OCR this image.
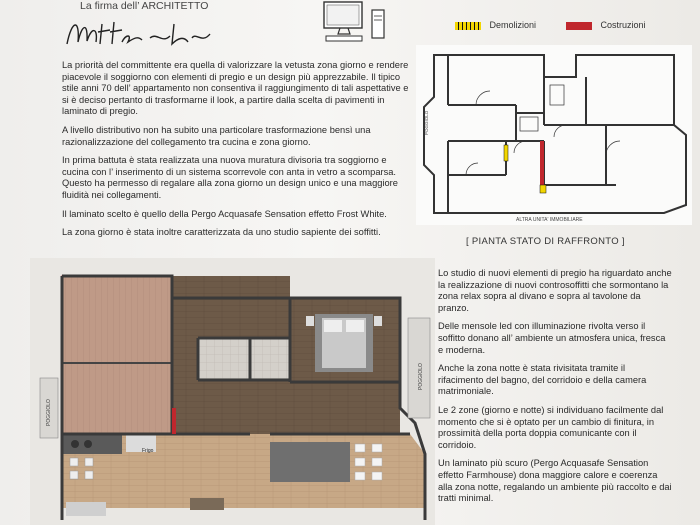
La firma dell’ ARCHITETTO
Demolizioni	Costruzioni

La priorità del committente era quella di valorizzare la vetusta zona giorno e rendere piacevole il soggiorno con elementi di pregio e un design più apprezzabile. Il tipico stile anni 70 dell’ appartamento non consentiva il raggiungimento di tali aspettative e si è deciso pertanto di trasformarne il look, a partire dalla scelta di pavimenti in laminato di pregio.

A livello distributivo non ha subito una particolare trasformazione bensì una razionalizzazione del collegamento tra cucina e zona giorno.

In prima battuta è stata realizzata una nuova muratura divisoria tra soggiorno e cucina con l’ inserimento di un sistema scorrevole con anta in vetro a scomparsa. Questo ha permesso di regalare alla zona giorno un design unico e una maggiore fluidità nei collegamenti.

Il laminato scelto è quello della Pergo Acquasafe Sensation effetto Frost White.

La zona giorno è stata inoltre caratterizzata da uno studio sapiente dei soffitti.

POGGIOLO
ALTRA UNITA' IMMOBILIARE
[ PIANTA STATO DI RAFFRONTO ]
Frigo
POGGIOLO
POGGIOLO

Lo studio di nuovi elementi di pregio ha riguardato anche la realizzazione di nuovi controsoffitti che sormontano la zona relax sopra al divano e sopra al tavolone da pranzo.

Delle mensole led con illuminazione rivolta verso il soffitto donano all’ ambiente un atmosfera unica, fresca e moderna.

Anche la zona notte è stata rivisitata tramite il rifacimento del bagno, del corridoio e della camera matrimoniale.

Le 2 zone (giorno e notte) si individuano facilmente dal momento che si è optato per un cambio di finitura, in prossimità della porta doppia comunicante con il corridoio.

Un laminato più scuro (Pergo Acquasafe Sensation effetto Farmhouse) dona maggiore calore e coerenza alla zona notte, regalando un ambiente più raccolto e dai tratti minimal.
